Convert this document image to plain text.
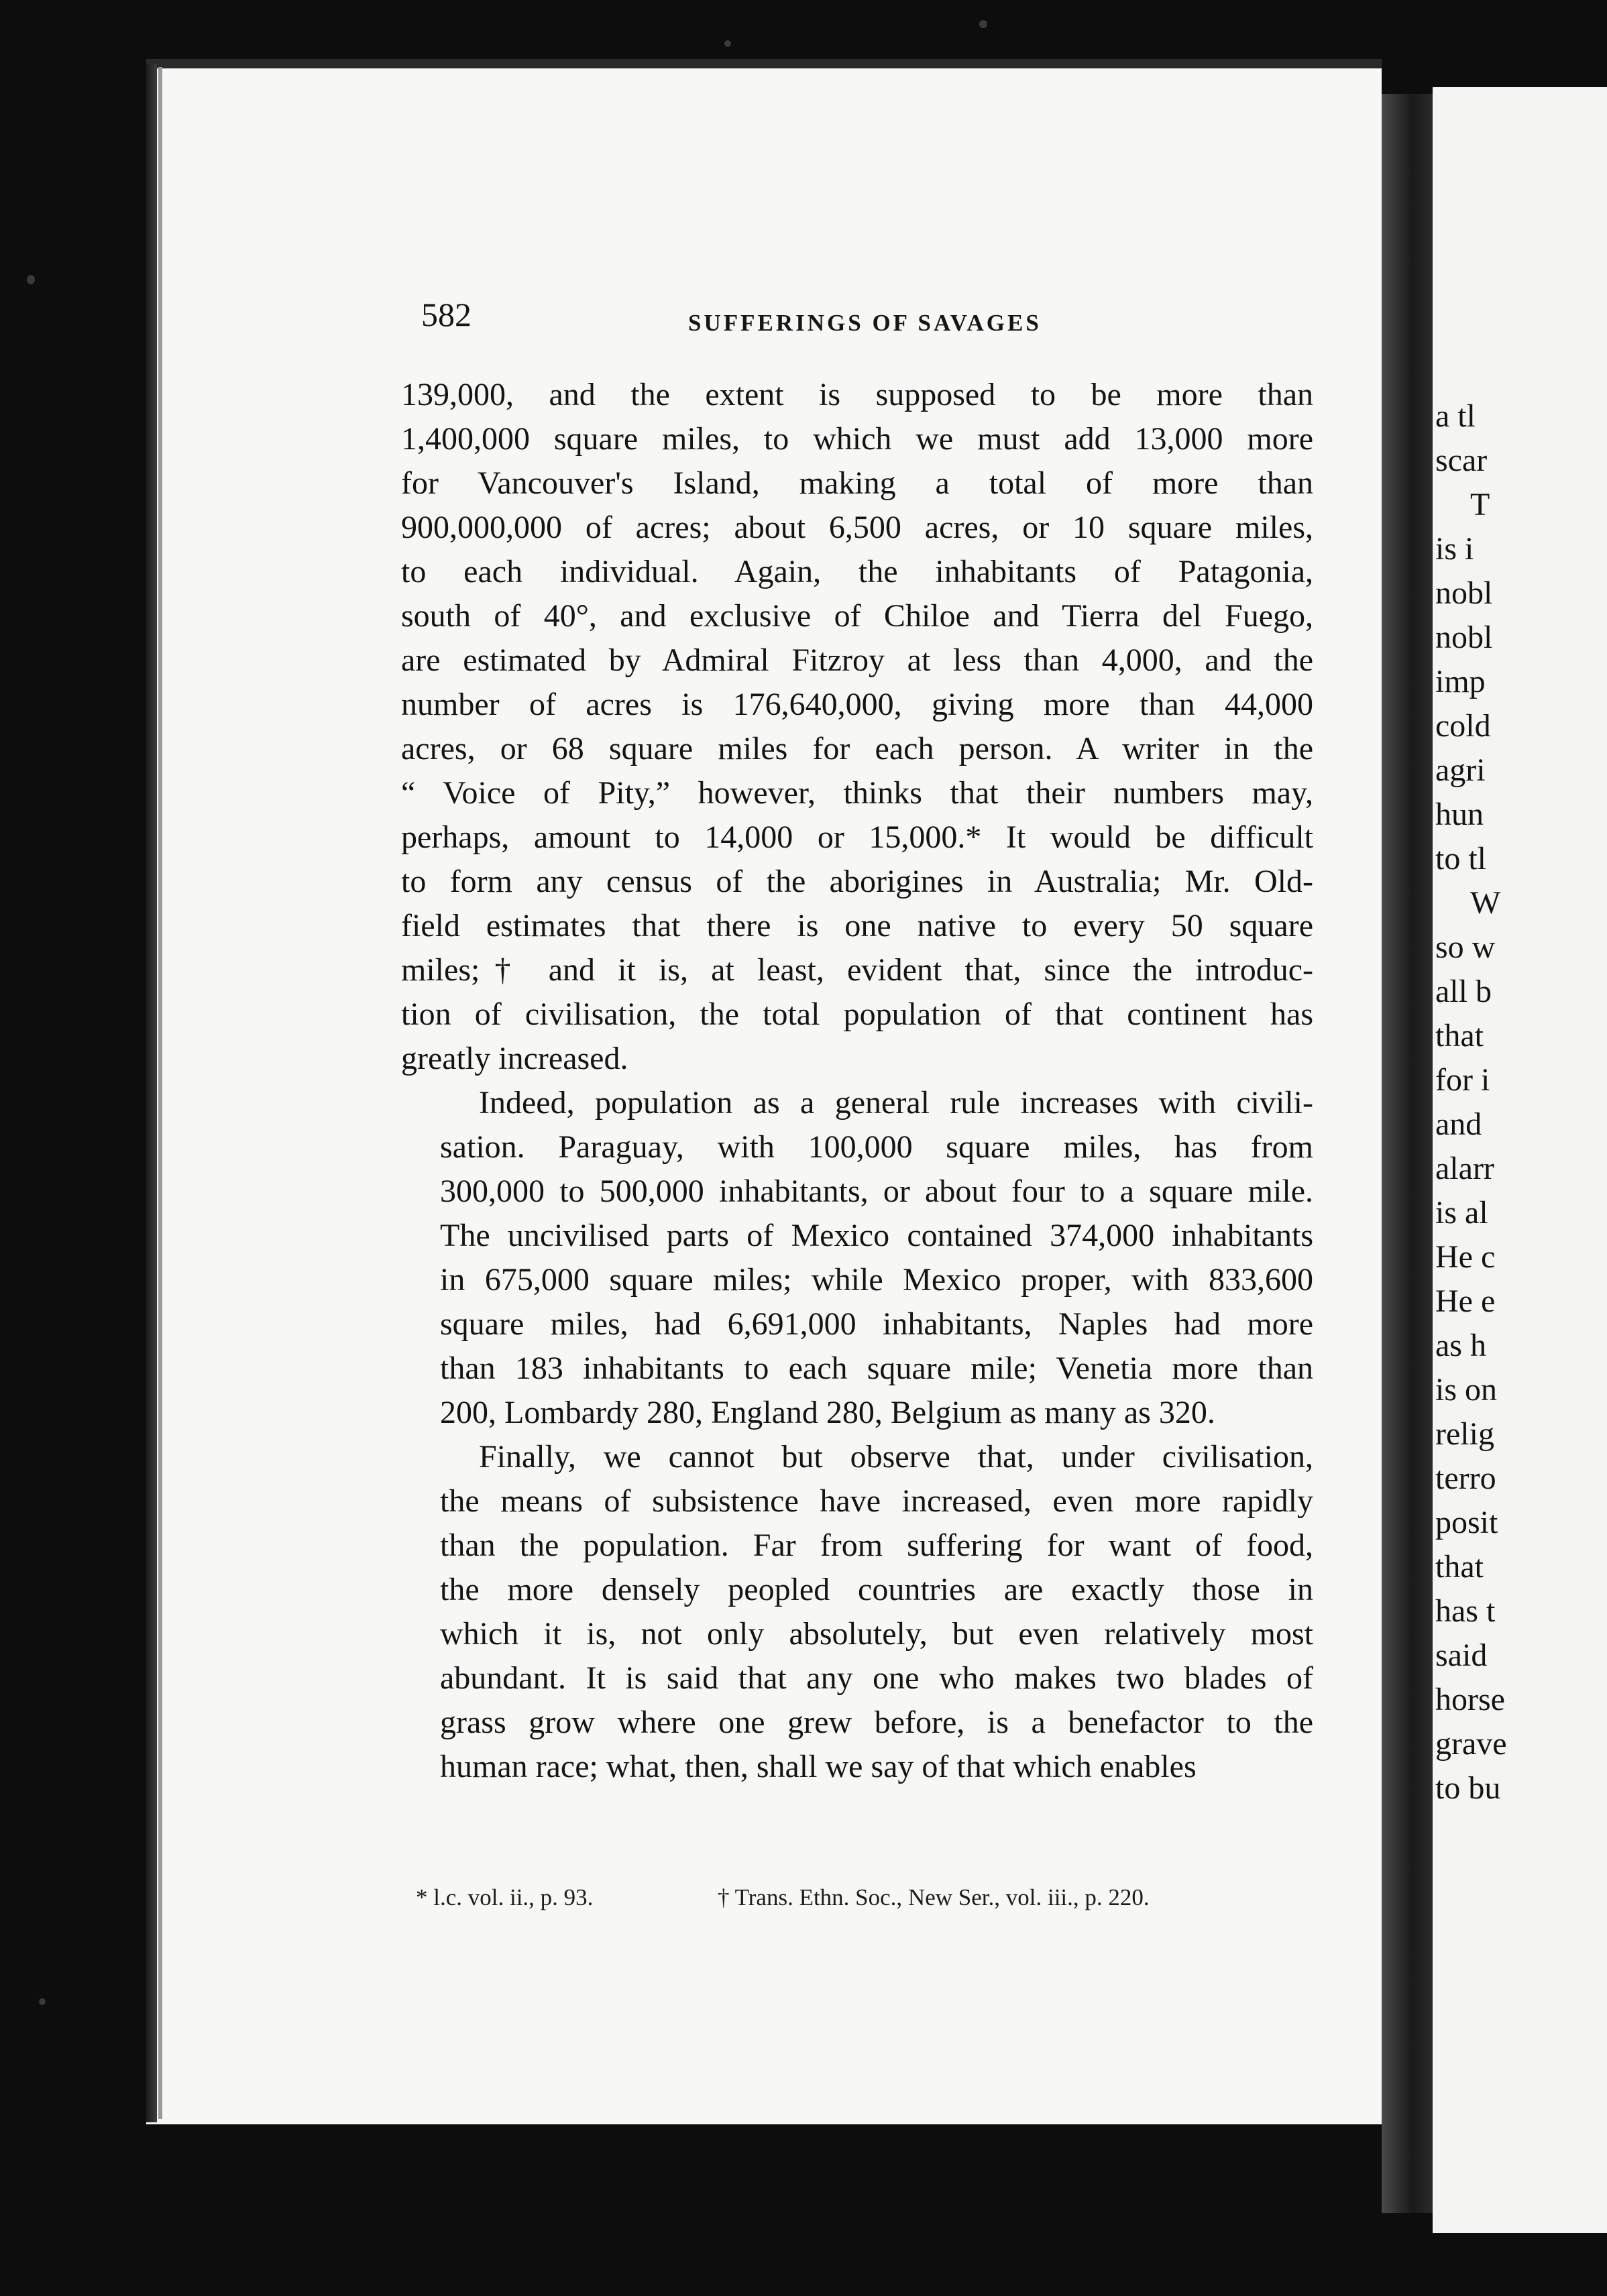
582	SUFFERINGS OF SAVAGES
139,000, and the extent is supposed to be more than
1,400,000 square miles, to which we must add 13,000 more
for Vancouver's Island, making a total of more than
900,000,000 of acres; about 6,500 acres, or 10 square miles,
to each individual. Again, the inhabitants of Patagonia,
south of 40°, and exclusive of Chiloe and Tierra del Fuego,
are estimated by Admiral Fitzroy at less than 4,000, and the
number of acres is 176,640,000, giving more than 44,000
acres, or 68 square miles for each person. A writer in the
“ Voice of Pity,” however, thinks that their numbers may,
perhaps, amount to 14,000 or 15,000.* It would be difficult
to form any census of the aborigines in Australia; Mr. Old-
field estimates that there is one native to every 50 square
miles;† and it is, at least, evident that, since the introduc-
tion of civilisation, the total population of that continent has
greatly increased.
Indeed, population as a general rule increases with civili-
sation. Paraguay, with 100,000 square miles, has from
300,000 to 500,000 inhabitants, or about four to a square mile.
The uncivilised parts of Mexico contained 374,000 inhabitants
in 675,000 square miles; while Mexico proper, with 833,600
square miles, had 6,691,000 inhabitants, Naples had more
than 183 inhabitants to each square mile; Venetia more than
200, Lombardy 280, England 280, Belgium as many as 320.
Finally, we cannot but observe that, under civilisation,
the means of subsistence have increased, even more rapidly
than the population. Far from suffering for want of food,
the more densely peopled countries are exactly those in
which it is, not only absolutely, but even relatively most
abundant. It is said that any one who makes two blades of
grass grow where one grew before, is a benefactor to the
human race; what, then, shall we say of that which enables
* l.c. vol. ii., p. 93.	† Trans. Ethn. Soc., New Ser., vol. iii., p. 220.
a tl
scar
T
is i
nobl
nobl
imp
cold
agri
hun
to tl
W
so w
all b
that
for i
and
alarr
is al
He c
He e
as h
is on
relig
terro
posit
that
has t
said
horse
grave
to bu
